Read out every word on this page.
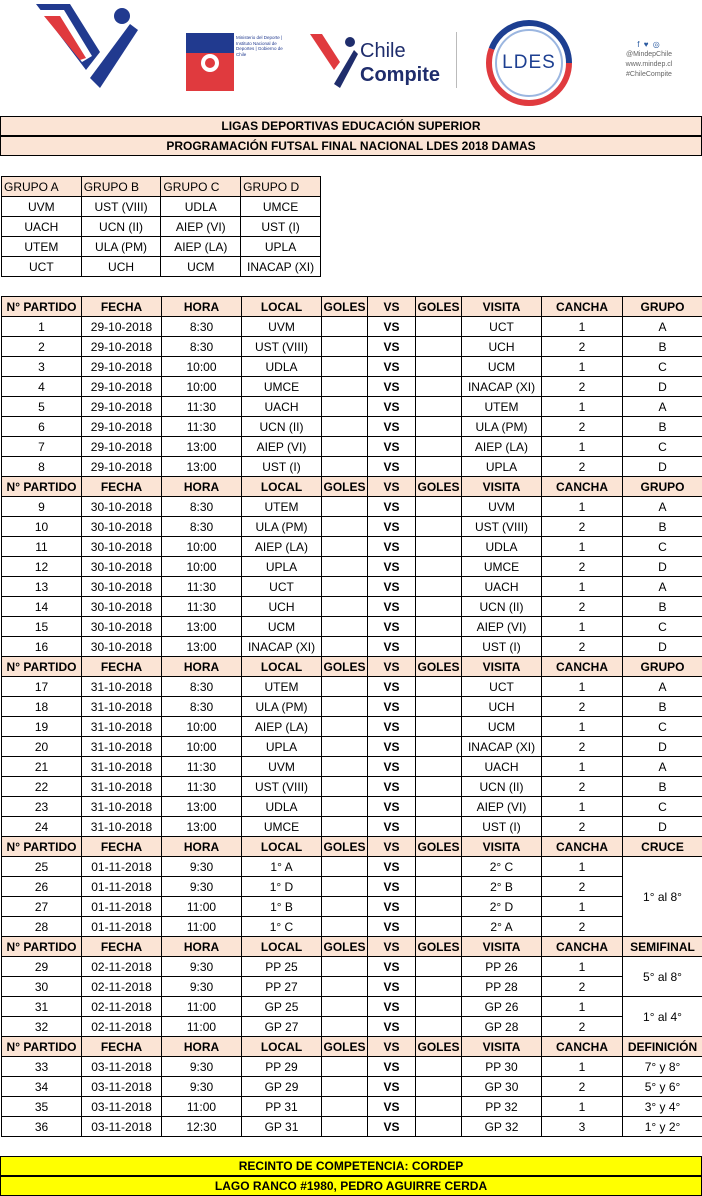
Ministerio del Deporte | Instituto Nacional de Deportes | Gobierno de Chile	Chile
Compite
LDES
f ♥ ◎
@MindepChile
www.mindep.cl
#ChileCompite
LIGAS DEPORTIVAS EDUCACIÓN SUPERIOR
PROGRAMACIÓN FUTSAL FINAL NACIONAL LDES 2018 DAMAS
GRUPO A	GRUPO B	GRUPO C	GRUPO D
UVM	UST (VIII)	UDLA	UMCE
UACH	UCN (II)	AIEP (VI)	UST (I)
UTEM	ULA (PM)	AIEP (LA)	UPLA
UCT	UCH	UCM	INACAP (XI)
N° PARTIDO	FECHA	HORA	LOCAL	GOLES	VS	GOLES	VISITA	CANCHA	GRUPO
1	29-10-2018	8:30	UVM		VS		UCT	1	A
2	29-10-2018	8:30	UST (VIII)		VS		UCH	2	B
3	29-10-2018	10:00	UDLA		VS		UCM	1	C
4	29-10-2018	10:00	UMCE		VS		INACAP (XI)	2	D
5	29-10-2018	11:30	UACH		VS		UTEM	1	A
6	29-10-2018	11:30	UCN (II)		VS		ULA (PM)	2	B
7	29-10-2018	13:00	AIEP (VI)		VS		AIEP (LA)	1	C
8	29-10-2018	13:00	UST (I)		VS		UPLA	2	D
N° PARTIDO	FECHA	HORA	LOCAL	GOLES	VS	GOLES	VISITA	CANCHA	GRUPO
9	30-10-2018	8:30	UTEM		VS		UVM	1	A
10	30-10-2018	8:30	ULA (PM)		VS		UST (VIII)	2	B
11	30-10-2018	10:00	AIEP (LA)		VS		UDLA	1	C
12	30-10-2018	10:00	UPLA		VS		UMCE	2	D
13	30-10-2018	11:30	UCT		VS		UACH	1	A
14	30-10-2018	11:30	UCH		VS		UCN (II)	2	B
15	30-10-2018	13:00	UCM		VS		AIEP (VI)	1	C
16	30-10-2018	13:00	INACAP (XI)		VS		UST (I)	2	D
N° PARTIDO	FECHA	HORA	LOCAL	GOLES	VS	GOLES	VISITA	CANCHA	GRUPO
17	31-10-2018	8:30	UTEM		VS		UCT	1	A
18	31-10-2018	8:30	ULA (PM)		VS		UCH	2	B
19	31-10-2018	10:00	AIEP (LA)		VS		UCM	1	C
20	31-10-2018	10:00	UPLA		VS		INACAP (XI)	2	D
21	31-10-2018	11:30	UVM		VS		UACH	1	A
22	31-10-2018	11:30	UST (VIII)		VS		UCN (II)	2	B
23	31-10-2018	13:00	UDLA		VS		AIEP (VI)	1	C
24	31-10-2018	13:00	UMCE		VS		UST (I)	2	D
N° PARTIDO	FECHA	HORA	LOCAL	GOLES	VS	GOLES	VISITA	CANCHA	CRUCE
25	01-11-2018	9:30	1° A		VS		2° C	1	1° al 8°
26	01-11-2018	9:30	1° D		VS		2° B	2	
27	01-11-2018	11:00	1° B		VS		2° D	1	
28	01-11-2018	11:00	1° C		VS		2° A	2	
N° PARTIDO	FECHA	HORA	LOCAL	GOLES	VS	GOLES	VISITA	CANCHA	SEMIFINAL
29	02-11-2018	9:30	PP 25		VS		PP 26	1	5° al 8°
30	02-11-2018	9:30	PP 27		VS		PP 28	2	
31	02-11-2018	11:00	GP 25		VS		GP 26	1	1° al 4°
32	02-11-2018	11:00	GP 27		VS		GP 28	2	
N° PARTIDO	FECHA	HORA	LOCAL	GOLES	VS	GOLES	VISITA	CANCHA	DEFINICIÓN
33	03-11-2018	9:30	PP 29		VS		PP 30	1	7° y 8°
34	03-11-2018	9:30	GP 29		VS		GP 30	2	5° y 6°
35	03-11-2018	11:00	PP 31		VS		PP 32	1	3° y 4°
36	03-11-2018	12:30	GP 31		VS		GP 32	3	1° y 2°
RECINTO DE COMPETENCIA: CORDEP
LAGO RANCO #1980, PEDRO AGUIRRE CERDA
